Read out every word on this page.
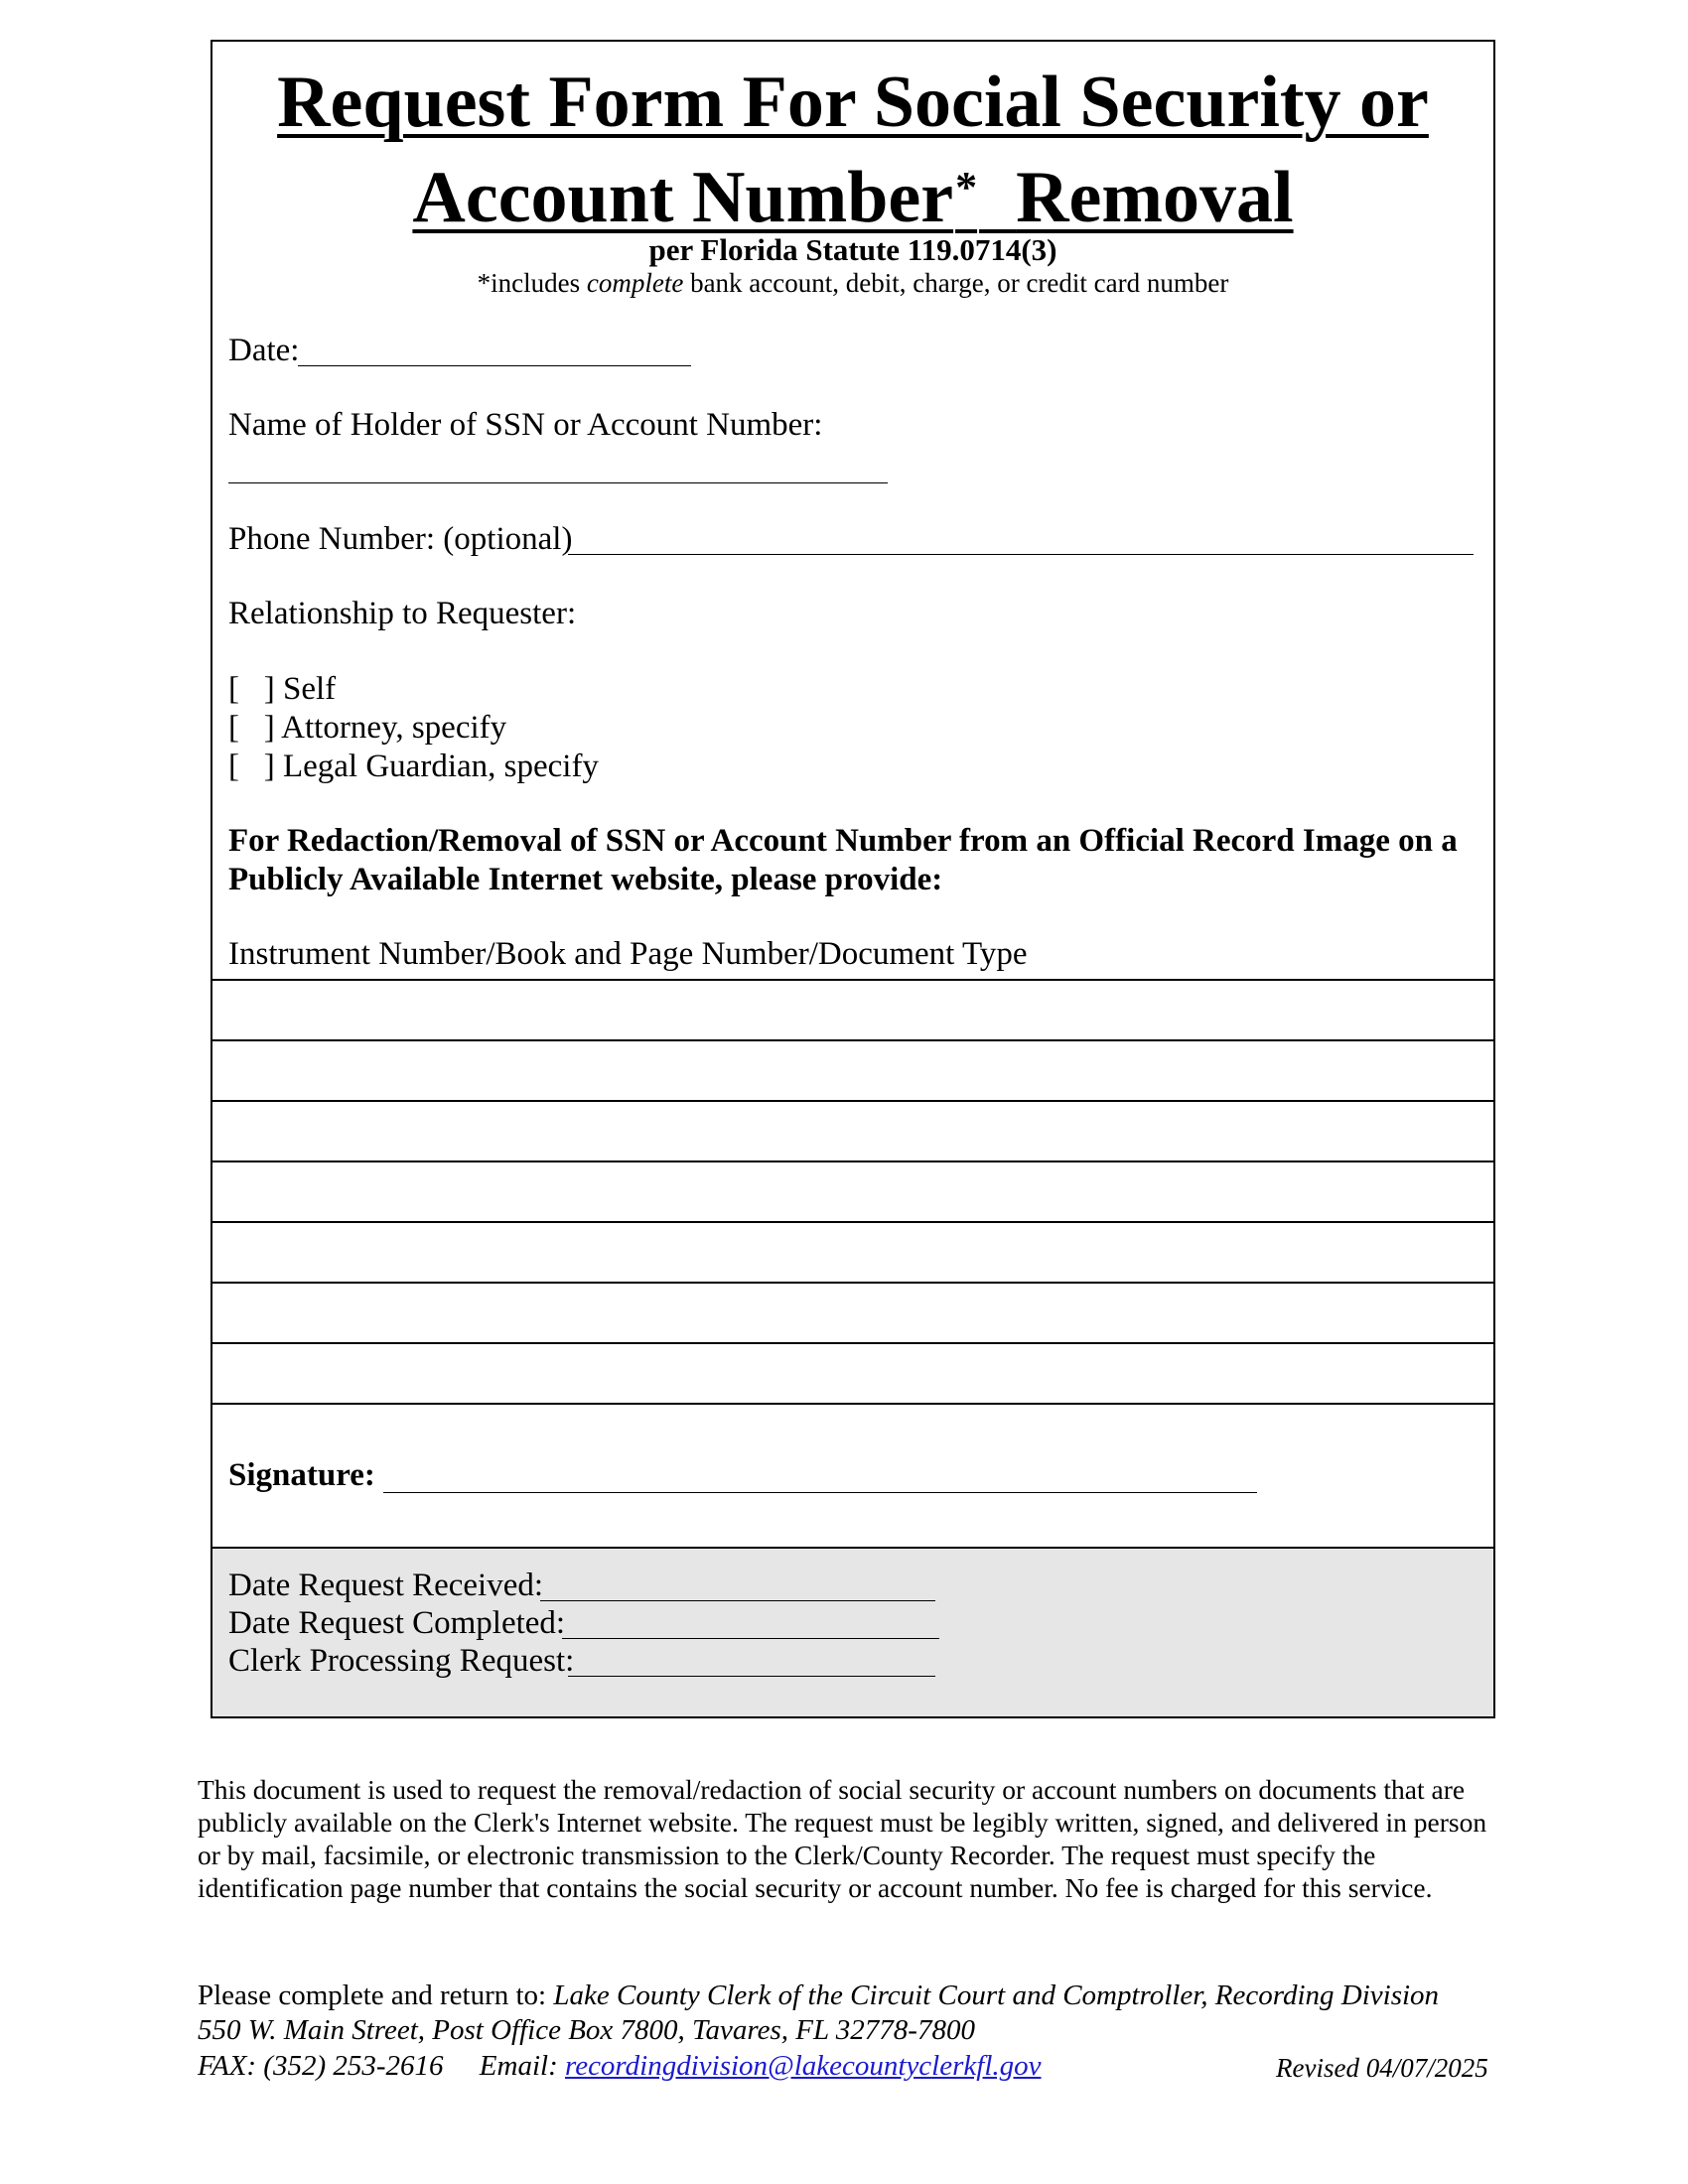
Request Form For Social Security or
Account Number* Removal
per Florida Statute 119.0714(3)
*includes complete bank account, debit, charge, or credit card number
Date:
Name of Holder of SSN or Account Number:
Phone Number: (optional)
Relationship to Requester:
[   ] Self
[   ] Attorney, specify
[   ] Legal Guardian, specify
For Redaction/Removal of SSN or Account Number from an Official Record Image on a
Publicly Available Internet website, please provide:
Instrument Number/Book and Page Number/Document Type
Signature:
Date Request Received:
Date Request Completed:
Clerk Processing Request:
This document is used to request the removal/redaction of social security or account numbers on documents that are
publicly available on the Clerk's Internet website. The request must be legibly written, signed, and delivered in person
or by mail, facsimile, or electronic transmission to the Clerk/County Recorder. The request must specify the
identification page number that contains the social security or account number. No fee is charged for this service.
Please complete and return to: Lake County Clerk of the Circuit Court and Comptroller, Recording Division
550 W. Main Street, Post Office Box 7800, Tavares, FL 32778-7800
FAX: (352) 253-2616 Email: recordingdivision@lakecountyclerkfl.gov	Revised 04/07/2025
